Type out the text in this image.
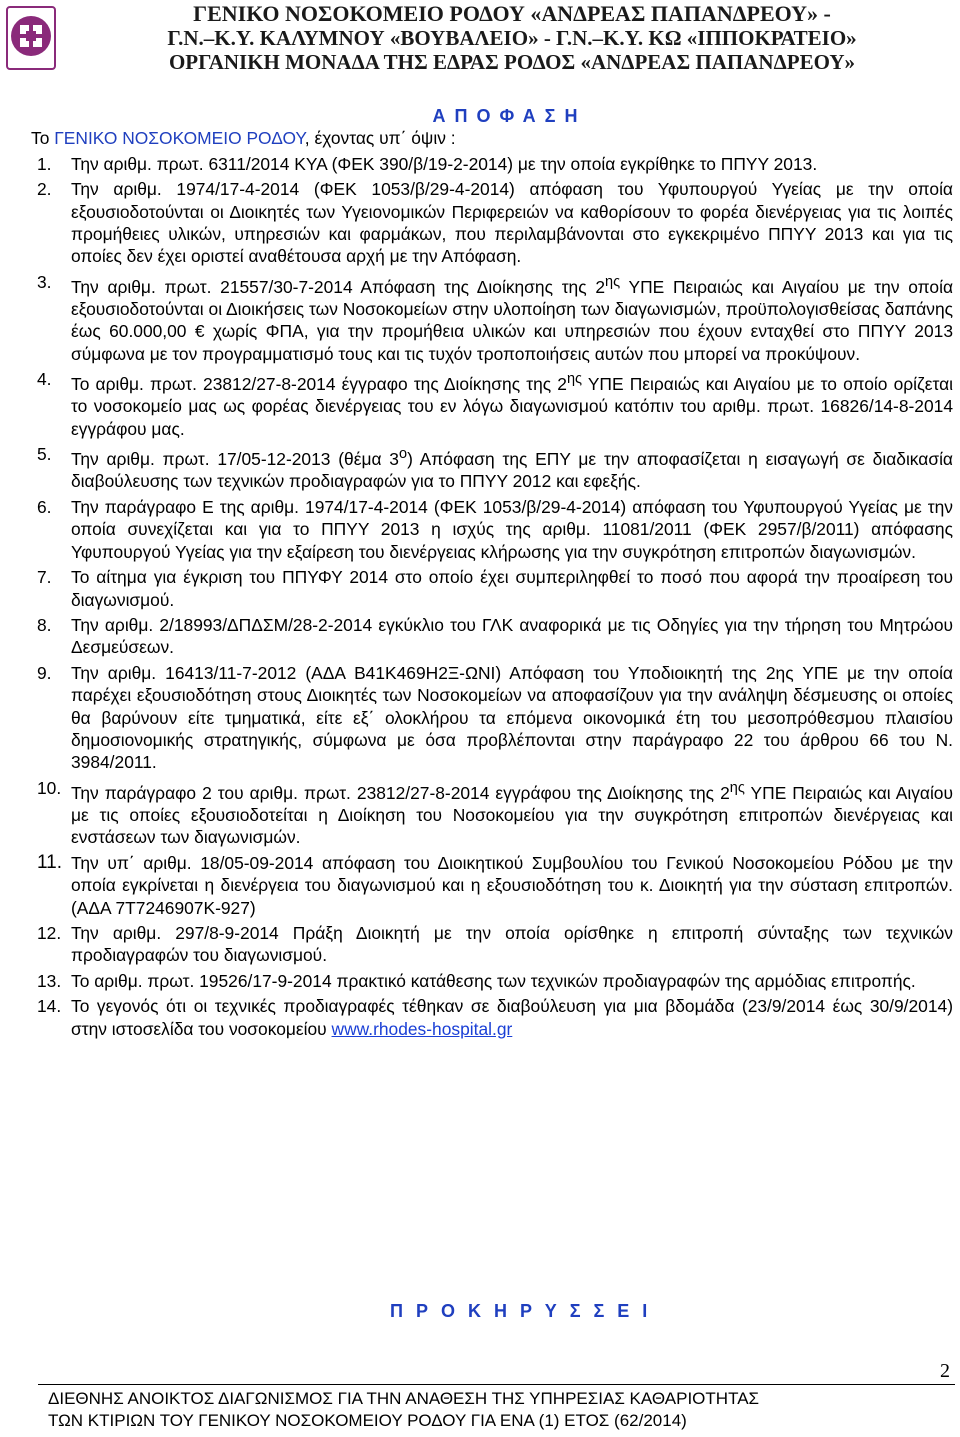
ΓΕΝΙΚΟ ΝΟΣΟΚΟΜΕΙΟ ΡΟΔΟΥ «ΑΝΔΡΕΑΣ ΠΑΠΑΝΔΡΕΟΥ» -
Γ.Ν.–Κ.Υ. ΚΑΛΥΜΝΟΥ «ΒΟΥΒΑΛΕΙΟ» - Γ.Ν.–Κ.Υ. ΚΩ «ΙΠΠΟΚΡΑΤΕΙΟ»
ΟΡΓΑΝΙΚΗ ΜΟΝΑΔΑ ΤΗΣ ΕΔΡΑΣ ΡΟΔΟΣ «ΑΝΔΡΕΑΣ ΠΑΠΑΝΔΡΕΟΥ»
Α Π Ο Φ Α Σ Η
Το ΓΕΝΙΚΟ ΝΟΣΟΚΟΜΕΙΟ ΡΟΔΟΥ, έχοντας υπ΄ όψιν :
1.	Την αριθμ. πρωτ. 6311/2014 ΚΥΑ (ΦΕΚ 390/β/19-2-2014) με την οποία εγκρίθηκε το ΠΠΥΥ 2013.
2.	Την αριθμ. 1974/17-4-2014 (ΦΕΚ 1053/β/29-4-2014) απόφαση του Υφυπουργού Υγείας με την οποία εξουσιοδοτούνται οι Διοικητές των Υγειονομικών Περιφερειών να καθορίσουν το φορέα διενέργειας για τις λοιπές προμήθειες υλικών, υπηρεσιών και φαρμάκων, που περιλαμβάνονται στο εγκεκριμένο ΠΠΥΥ 2013 και για τις οποίες δεν έχει οριστεί αναθέτουσα αρχή με την Απόφαση.
3.	Την αριθμ. πρωτ. 21557/30-7-2014 Απόφαση της Διοίκησης της $2^{\eta\varsigma}$ ΥΠΕ Πειραιώς και Αιγαίου με την οποία εξουσιοδοτούνται οι Διοικήσεις των Νοσοκομείων στην υλοποίηση των διαγωνισμών, προϋπολογισθείσας δαπάνης έως 60.000,00 € χωρίς ΦΠΑ, για την προμήθεια υλικών και υπηρεσιών που έχουν ενταχθεί στο ΠΠΥΥ 2013 σύμφωνα με τον προγραμματισμό τους και τις τυχόν τροποποιήσεις αυτών που μπορεί να προκύψουν.
4.	Το αριθμ. πρωτ. 23812/27-8-2014 έγγραφο της Διοίκησης της $2^{\eta\varsigma}$ ΥΠΕ Πειραιώς και Αιγαίου με το οποίο ορίζεται το νοσοκομείο μας ως φορέας διενέργειας του εν λόγω διαγωνισμού κατόπιν του αριθμ. πρωτ. 16826/14-8-2014 εγγράφου μας.
5.	Την αριθμ. πρωτ. 17/05-12-2013 (θέμα $3^o$) Απόφαση της ΕΠΥ με την αποφασίζεται η εισαγωγή σε διαδικασία διαβούλευσης των τεχνικών προδιαγραφών για το ΠΠΥΥ 2012 και εφεξής.
6.	Την παράγραφο Ε της αριθμ. 1974/17-4-2014 (ΦΕΚ 1053/β/29-4-2014) απόφαση του Υφυπουργού Υγείας με την οποία συνεχίζεται και για το ΠΠΥΥ 2013 η ισχύς της αριθμ. 11081/2011 (ΦΕΚ 2957/β/2011) απόφασης Υφυπουργού Υγείας για την εξαίρεση του διενέργειας κλήρωσης για την συγκρότηση επιτροπών διαγωνισμών.
7.	Το αίτημα για έγκριση του ΠΠΥΦΥ 2014 στο οποίο έχει συμπεριληφθεί το ποσό που αφορά την προαίρεση του διαγωνισμού.
8.	Την αριθμ. 2/18993/ΔΠΔΣΜ/28-2-2014 εγκύκλιο του ΓΛΚ αναφορικά με τις Οδηγίες για την τήρηση του Μητρώου Δεσμεύσεων.
9.	Την αριθμ. 16413/11-7-2012 (ΑΔΑ Β41Κ469Η2Ξ-ΩΝΙ) Απόφαση του Υποδιοικητή της 2ης ΥΠΕ με την οποία παρέχει εξουσιοδότηση στους Διοικητές των Νοσοκομείων να αποφασίζουν για την ανάληψη δέσμευσης οι οποίες θα βαρύνουν είτε τμηματικά, είτε εξ΄ ολοκλήρου τα επόμενα οικονομικά έτη του μεσοπρόθεσμου πλαισίου δημοσιονομικής στρατηγικής, σύμφωνα με όσα προβλέπονται στην παράγραφο 22 του άρθρου 66 του Ν. 3984/2011.
10. Την παράγραφο 2 του αριθμ. πρωτ. 23812/27-8-2014 εγγράφου της Διοίκησης της $2^{\eta\varsigma}$ ΥΠΕ Πειραιώς και Αιγαίου με τις οποίες εξουσιοδοτείται η Διοίκηση του Νοσοκομείου για την συγκρότηση επιτροπών διενέργειας και ενστάσεων των διαγωνισμών.
11. Την υπ΄ αριθμ. 18/05-09-2014 απόφαση του Διοικητικού Συμβουλίου του Γενικού Νοσοκομείου Ρόδου με την οποία εγκρίνεται η διενέργεια του διαγωνισμού και η εξουσιοδότηση του κ. Διοικητή για την σύσταση επιτροπών. (ΑΔΑ 7Τ7246907Κ-927)
12. Την αριθμ. 297/8-9-2014 Πράξη Διοικητή με την οποία ορίσθηκε η επιτροπή σύνταξης των τεχνικών προδιαγραφών του διαγωνισμού.
13. Το αριθμ. πρωτ. 19526/17-9-2014 πρακτικό κατάθεσης των τεχνικών προδιαγραφών της αρμόδιας επιτροπής.
14. Το γεγονός ότι οι τεχνικές προδιαγραφές τέθηκαν σε διαβούλευση για μια βδομάδα (23/9/2014 έως 30/9/2014) στην ιστοσελίδα του νοσοκομείου www.rhodes-hospital.gr
Π Ρ Ο Κ Η Ρ Υ Σ Σ Ε Ι
2
ΔΙΕΘΝΗΣ ΑΝΟΙΚΤΟΣ ΔΙΑΓΩΝΙΣΜΟΣ ΓΙΑ ΤΗΝ ΑΝΑΘΕΣΗ ΤΗΣ ΥΠΗΡΕΣΙΑΣ ΚΑΘΑΡΙΟΤΗΤΑΣ
ΤΩΝ ΚΤΙΡΙΩΝ ΤΟΥ ΓΕΝΙΚΟΥ ΝΟΣΟΚΟΜΕΙΟΥ ΡΟΔΟΥ ΓΙΑ ΕΝΑ (1) ΕΤΟΣ (62/2014)
